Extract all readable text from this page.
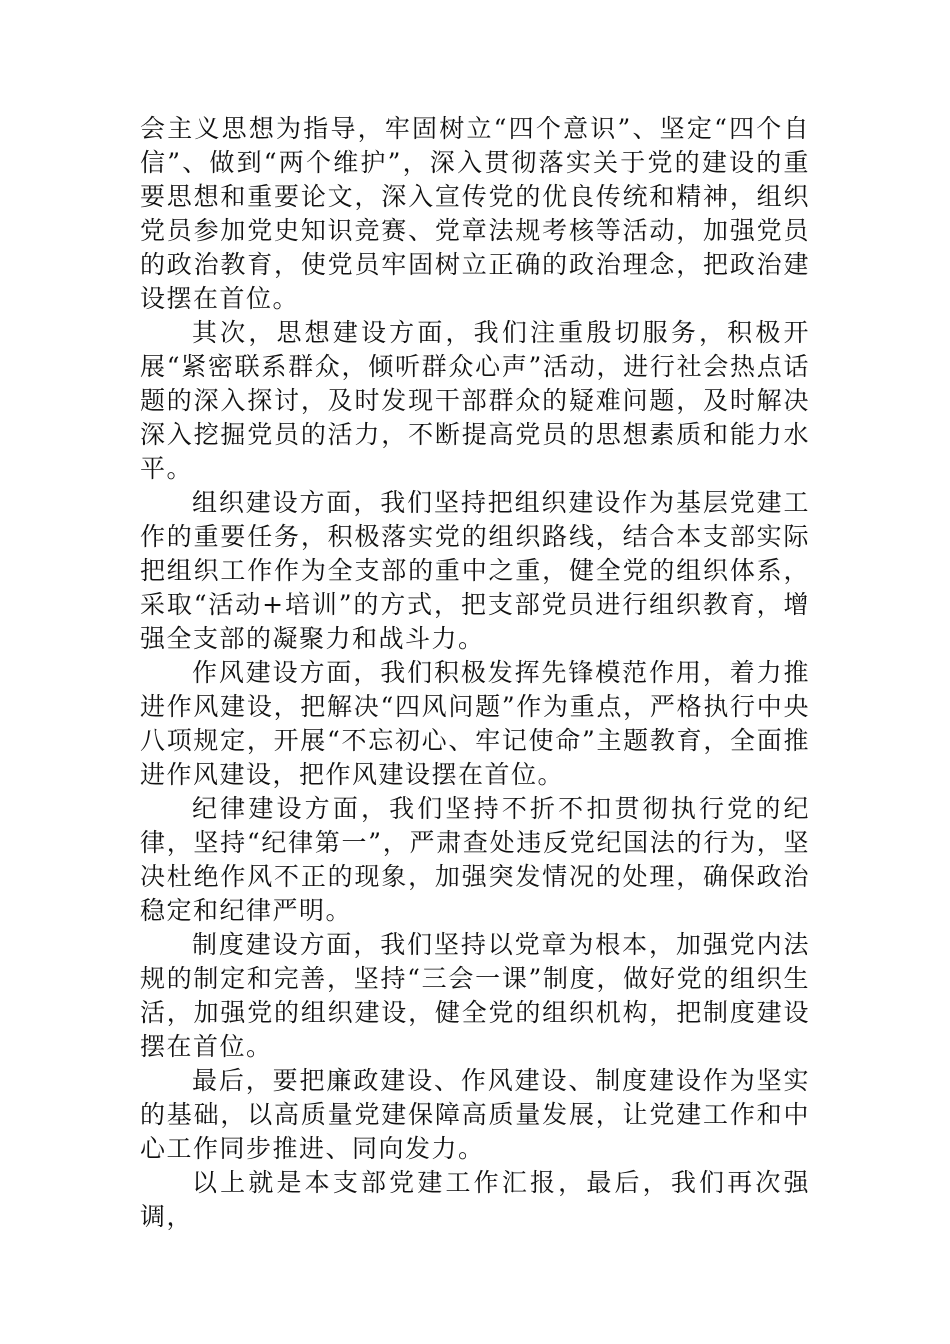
会主义思想为指导，牢固树立“四个意识”、坚定“四个自信”、做到“两个维护”，深入贯彻落实关于党的建设的重要思想和重要论文，深入宣传党的优良传统和精神，组织党员参加党史知识竞赛、党章法规考核等活动，加强党员的政治教育，使党员牢固树立正确的政治理念，把政治建设摆在首位。

其次，思想建设方面，我们注重殷切服务，积极开展“紧密联系群众，倾听群众心声”活动，进行社会热点话题的深入探讨，及时发现干部群众的疑难问题，及时解决深入挖掘党员的活力，不断提高党员的思想素质和能力水平。

组织建设方面，我们坚持把组织建设作为基层党建工作的重要任务，积极落实党的组织路线，结合本支部实际把组织工作作为全支部的重中之重，健全党的组织体系，采取“活动+培训”的方式，把支部党员进行组织教育，增强全支部的凝聚力和战斗力。

作风建设方面，我们积极发挥先锋模范作用，着力推进作风建设，把解决“四风问题”作为重点，严格执行中央八项规定，开展“不忘初心、牢记使命”主题教育，全面推进作风建设，把作风建设摆在首位。

纪律建设方面，我们坚持不折不扣贯彻执行党的纪律，坚持“纪律第一”，严肃查处违反党纪国法的行为，坚决杜绝作风不正的现象，加强突发情况的处理，确保政治稳定和纪律严明。

制度建设方面，我们坚持以党章为根本，加强党内法规的制定和完善，坚持“三会一课”制度，做好党的组织生活，加强党的组织建设，健全党的组织机构，把制度建设摆在首位。

最后，要把廉政建设、作风建设、制度建设作为坚实的基础，以高质量党建保障高质量发展，让党建工作和中心工作同步推进、同向发力。

以上就是本支部党建工作汇报，最后，我们再次强调，
